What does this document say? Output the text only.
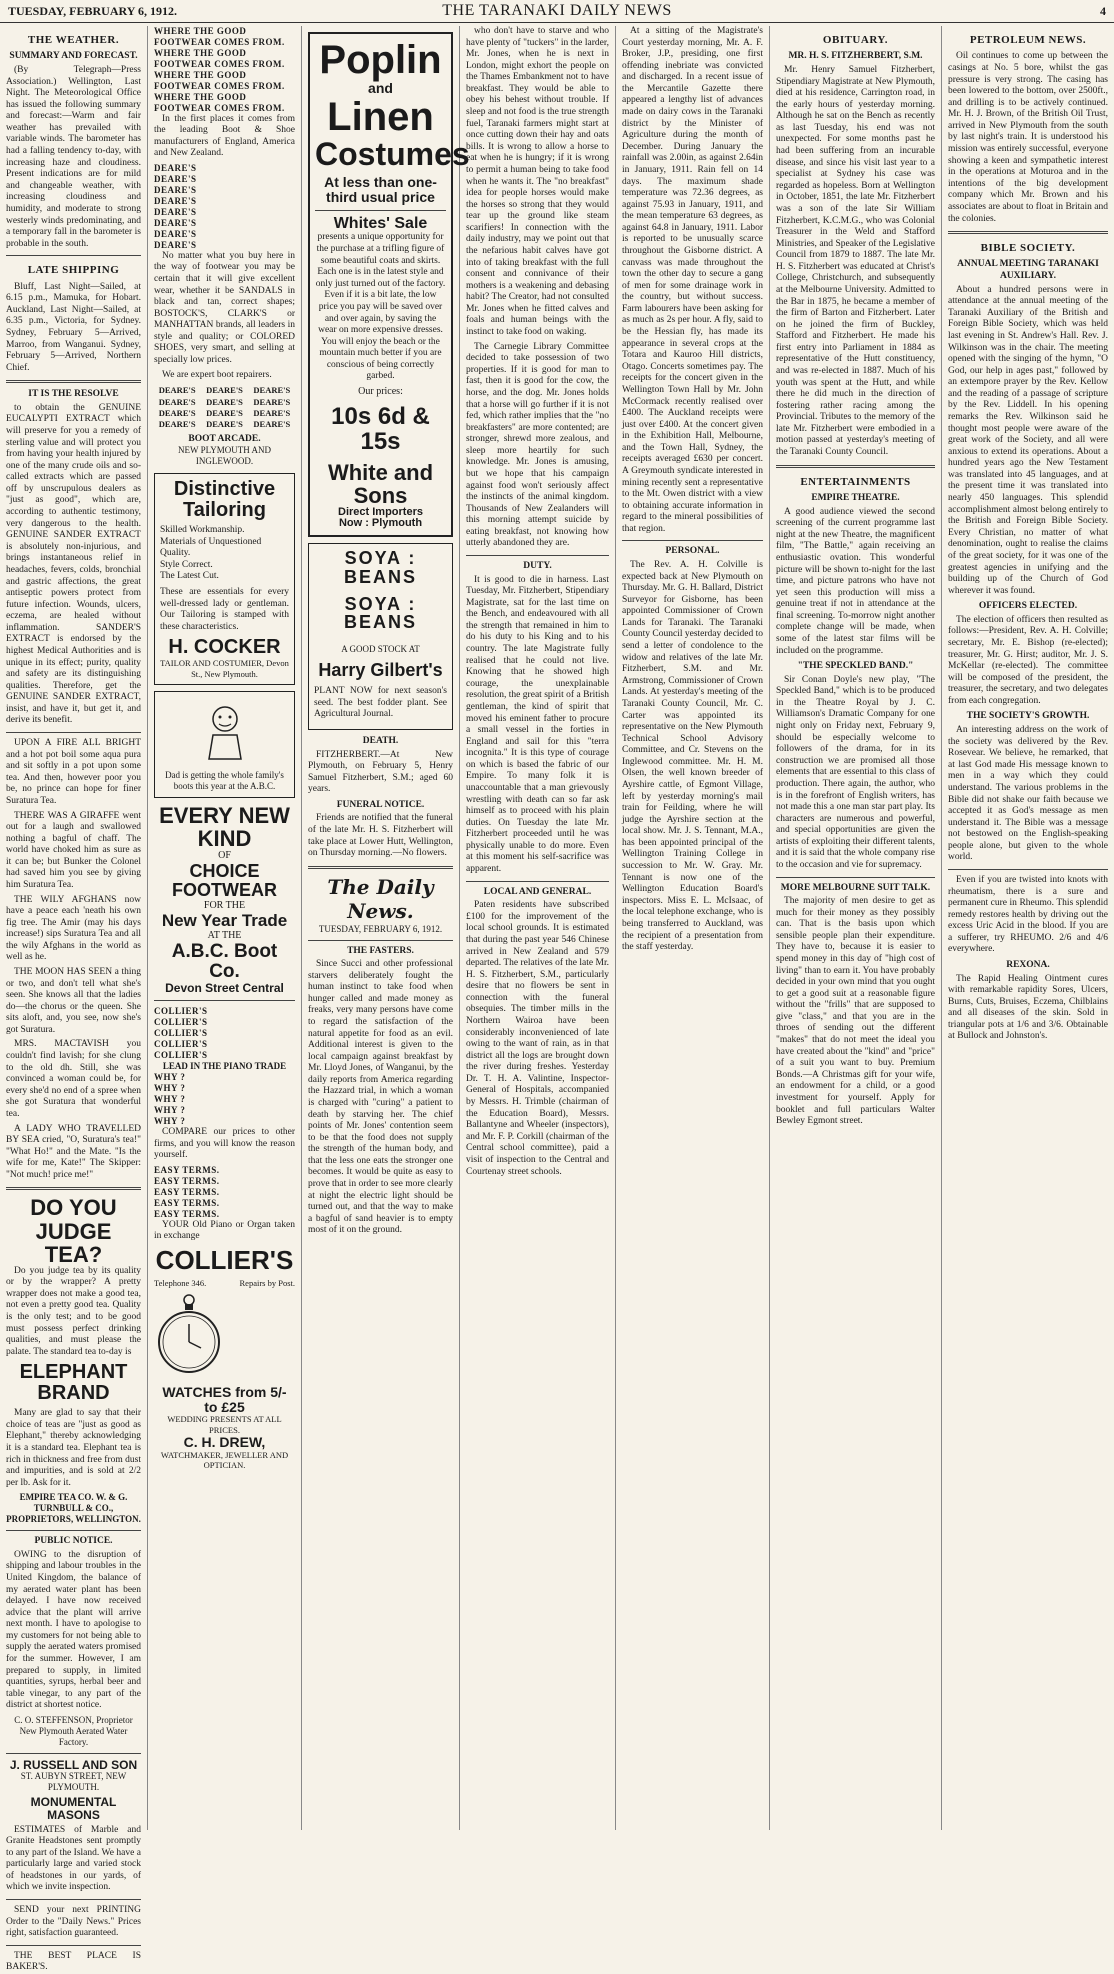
TUESDAY, FEBRUARY 6, 1912.	THE TARANAKI DAILY NEWS	4
THE WEATHER.
SUMMARY AND FORECAST.

(By Telegraph—Press Association.) Wellington, Last Night. The Meteorological Office has issued the following summary and forecast:—Warm and fair weather has prevailed with variable winds. The barometer has had a falling tendency to-day, with increasing haze and cloudiness. Present indications are for mild and changeable weather, with increasing cloudiness and humidity, and moderate to strong westerly winds predominating, and a temporary fall in the barometer is probable in the south.

LATE SHIPPING

Bluff, Last Night—Sailed, at 6.15 p.m., Mamuka, for Hobart. Auckland, Last Night—Sailed, at 6.35 p.m., Victoria, for Sydney. Sydney, February 5—Arrived, Marroo, from Wanganui. Sydney, February 5—Arrived, Northern Chief.

IT IS THE RESOLVE

to obtain the GENUINE EUCALYPTI EXTRACT which will preserve for you a remedy of sterling value and will protect you from having your health injured by one of the many crude oils and so-called extracts which are passed off by unscrupulous dealers as "just as good", which are, according to authentic testimony, very dangerous to the health. GENUINE SANDER EXTRACT is absolutely non-injurious, and brings instantaneous relief in headaches, fevers, colds, bronchial and gastric affections, the great antiseptic powers protect from future infection. Wounds, ulcers, eczema, are healed without inflammation. SANDER'S EXTRACT is endorsed by the highest Medical Authorities and is unique in its effect; purity, quality and safety are its distinguishing qualities. Therefore, get the GENUINE SANDER EXTRACT, insist, and have it, but get it, and derive its benefit.

UPON A FIRE ALL BRIGHT and a hot pot boil some aqua pura and sit softly in a pot upon some tea. And then, however poor you be, no prince can hope for finer Suratura Tea.

THERE WAS A GIRAFFE went out for a laugh and swallowed nothing a bagful of chaff. The world have choked him as sure as it can be; but Bunker the Colonel had saved him you see by giving him Suratura Tea.

THE WILY AFGHANS now have a peace each 'neath his own fig tree. The Amir (may his days increase!) sips Suratura Tea and all the wily Afghans in the world as well as he.

THE MOON HAS SEEN a thing or two, and don't tell what she's seen. She knows all that the ladies do—the chorus or the queen. She sits aloft, and, you see, now she's got Suratura.

MRS. MACTAVISH you couldn't find lavish; for she clung to the old dh. Still, she was convinced a woman could be, for every she'd no end of a spree when she got Suratura that wonderful tea.

A LADY WHO TRAVELLED BY SEA cried, "O, Suratura's tea!" "What Ho!" and the Mate. "Is the wife for me, Kate!" The Skipper: "Not much! price me!"

DO YOU JUDGE TEA?

Do you judge tea by its quality or by the wrapper? A pretty wrapper does not make a good tea, not even a pretty good tea. Quality is the only test; and to be good must possess perfect drinking qualities, and must please the palate. The standard tea to-day is

ELEPHANT BRAND

Many are glad to say that their choice of teas are "just as good as Elephant," thereby acknowledging it is a standard tea. Elephant tea is rich in thickness and free from dust and impurities, and is sold at 2/2 per lb. Ask for it.

EMPIRE TEA CO. W. & G. TURNBULL & CO., PROPRIETORS, WELLINGTON.
PUBLIC NOTICE.

OWING to the disruption of shipping and labour troubles in the United Kingdom, the balance of my aerated water plant has been delayed. I have now received advice that the plant will arrive next month. I have to apologise to my customers for not being able to supply the aerated waters promised for the summer. However, I am prepared to supply, in limited quantities, syrups, herbal beer and table vinegar, to any part of the district at shortest notice.

C. O. STEFFENSON, Proprietor New Plymouth Aerated Water Factory.
J. RUSSELL AND SON
ST. AUBYN STREET, NEW PLYMOUTH.
MONUMENTAL MASONS

ESTIMATES of Marble and Granite Headstones sent promptly to any part of the Island. We have a particularly large and varied stock of headstones in our yards, of which we invite inspection.

SEND your next PRINTING Order to the "Daily News." Prices right, satisfaction guaranteed.

THE BEST PLACE IS BAKER'S.

WHERE THE GOOD FOOTWEAR COMES FROM.
WHERE THE GOOD FOOTWEAR COMES FROM.
WHERE THE GOOD FOOTWEAR COMES FROM.
WHERE THE GOOD FOOTWEAR COMES FROM.

In the first places it comes from the leading Boot & Shoe manufacturers of England, America and New Zealand.

DEARE'S
DEARE'S
DEARE'S
DEARE'S
DEARE'S
DEARE'S
DEARE'S
DEARE'S

No matter what you buy here in the way of footwear you may be certain that it will give excellent wear, whether it be SANDALS in black and tan, correct shapes; BOSTOCK'S, CLARK'S or MANHATTAN brands, all leaders in style and quality; or COLORED SHOES, very smart, and selling at specially low prices.

We are expert boot repairers.

DEARE'S	DEARE'S	DEARE'S
DEARE'S	DEARE'S	DEARE'S
DEARE'S	DEARE'S	DEARE'S
DEARE'S	DEARE'S	DEARE'S
BOOT ARCADE.
NEW PLYMOUTH AND INGLEWOOD.
Distinctive Tailoring
Skilled Workmanship.
Materials of Unquestioned Quality.
Style Correct.
The Latest Cut.

These are essentials for every well-dressed lady or gentleman. Our Tailoring is stamped with these characteristics.

H. COCKER
TAILOR AND COSTUMIER, Devon St., New Plymouth.
Dad is getting the whole family's boots this year at the A.B.C.
EVERY NEW KIND
OF
CHOICE FOOTWEAR
FOR THE
New Year Trade
AT THE
A.B.C. Boot Co.
Devon Street Central
COLLIER'S
COLLIER'S
COLLIER'S
COLLIER'S
COLLIER'S
LEAD IN THE PIANO TRADE
WHY ?
WHY ?
WHY ?
WHY ?
WHY ?

COMPARE our prices to other firms, and you will know the reason yourself.

EASY TERMS.
EASY TERMS.
EASY TERMS.
EASY TERMS.
EASY TERMS.

YOUR Old Piano or Organ taken in exchange

COLLIER'S
Telephone 346.	Repairs by Post.
WATCHES from 5/- to £25
WEDDING PRESENTS AT ALL PRICES.
C. H. DREW,
WATCHMAKER, JEWELLER AND OPTICIAN.
Poplin
and
Linen
Costumes
At less than one-third usual price
Whites' Sale

presents a unique opportunity for the purchase at a trifling figure of some beautiful coats and skirts. Each one is in the latest style and only just turned out of the factory. Even if it is a bit late, the low price you pay will be saved over and over again, by saving the wear on more expensive dresses. You will enjoy the beach or the mountain much better if you are conscious of being correctly garbed.

Our prices:
10s 6d & 15s
White and Sons
Direct Importers
Now : Plymouth
SOYA : BEANS
SOYA : BEANS
A GOOD STOCK AT
Harry Gilbert's

PLANT NOW for next season's seed. The best fodder plant. See Agricultural Journal.

DEATH.

FITZHERBERT.—At New Plymouth, on February 5, Henry Samuel Fitzherbert, S.M.; aged 60 years.

FUNERAL NOTICE.

Friends are notified that the funeral of the late Mr. H. S. Fitzherbert will take place at Lower Hutt, Wellington, on Thursday morning.—No flowers.

The Daily News.
TUESDAY, FEBRUARY 6, 1912.
THE FASTERS.

Since Succi and other professional starvers deliberately fought the human instinct to take food when hunger called and made money as freaks, very many persons have come to regard the satisfaction of the natural appetite for food as an evil. Additional interest is given to the local campaign against breakfast by Mr. Lloyd Jones, of Wanganui, by the daily reports from America regarding the Hazzard trial, in which a woman is charged with "curing" a patient to death by starving her. The chief points of Mr. Jones' contention seem to be that the food does not supply the strength of the human body, and that the less one eats the stronger one becomes. It would be quite as easy to prove that in order to see more clearly at night the electric light should be turned out, and that the way to make a bagful of sand heavier is to empty most of it on the ground.

who don't have to starve and who have plenty of "tuckers" in the larder, Mr. Jones, when he is next in London, might exhort the people on the Thames Embankment not to have breakfast. They would be able to obey his behest without trouble. If sleep and not food is the true strength fuel, Taranaki farmers might start at once cutting down their hay and oats bills. It is wrong to allow a horse to eat when he is hungry; if it is wrong to permit a human being to take food when he wants it. The "no breakfast" idea for people horses would make the horses so strong that they would tear up the ground like steam scarifiers! In connection with the daily industry, may we point out that the nefarious habit calves have got into of taking breakfast with the full consent and connivance of their mothers is a weakening and debasing habit? The Creator, had not consulted Mr. Jones when he fitted calves and foals and human beings with the instinct to take food on waking.

The Carnegie Library Committee decided to take possession of two properties. If it is good for man to fast, then it is good for the cow, the horse, and the dog. Mr. Jones holds that a horse will go further if it is not fed, which rather implies that the "no breakfasters" are more contented; are stronger, shrewd more zealous, and sleep more heartily for such knowledge. Mr. Jones is amusing, but we hope that his campaign against food won't seriously affect the instincts of the animal kingdom. Thousands of New Zealanders will this morning attempt suicide by eating breakfast, not knowing how utterly abandoned they are.

DUTY.

It is good to die in harness. Last Tuesday, Mr. Fitzherbert, Stipendiary Magistrate, sat for the last time on the Bench, and endeavoured with all the strength that remained in him to do his duty to his King and to his country. The late Magistrate fully realised that he could not live. Knowing that he showed high courage, the unexplainable resolution, the great spirit of a British gentleman, the kind of spirit that moved his eminent father to procure a small vessel in the forties in England and sail for this "terra incognita." It is this type of courage on which is based the fabric of our Empire. To many folk it is unaccountable that a man grievously wrestling with death can so far ask himself as to proceed with his plain duties. On Tuesday the late Mr. Fitzherbert proceeded until he was physically unable to do more. Even at this moment his self-sacrifice was apparent.

LOCAL AND GENERAL.

Paten residents have subscribed £100 for the improvement of the local school grounds. It is estimated that during the past year 546 Chinese arrived in New Zealand and 579 departed. The relatives of the late Mr. H. S. Fitzherbert, S.M., particularly desire that no flowers be sent in connection with the funeral obsequies. The timber mills in the Northern Wairoa have been considerably inconvenienced of late owing to the want of rain, as in that district all the logs are brought down the river during freshes. Yesterday Dr. T. H. A. Valintine, Inspector-General of Hospitals, accompanied by Messrs. H. Trimble (chairman of the Education Board), Messrs. Ballantyne and Wheeler (inspectors), and Mr. F. P. Corkill (chairman of the Central school committee), paid a visit of inspection to the Central and Courtenay street schools.

At a sitting of the Magistrate's Court yesterday morning, Mr. A. F. Broker, J.P., presiding, one first offending inebriate was convicted and discharged. In a recent issue of the Mercantile Gazette there appeared a lengthy list of advances made on dairy cows in the Taranaki district by the Minister of Agriculture during the month of December. During January the rainfall was 2.00in, as against 2.64in in January, 1911. Rain fell on 14 days. The maximum shade temperature was 72.36 degrees, as against 75.93 in January, 1911, and the mean temperature 63 degrees, as against 64.8 in January, 1911. Labor is reported to be unusually scarce throughout the Gisborne district. A canvass was made throughout the town the other day to secure a gang of men for some drainage work in the country, but without success. Farm labourers have been asking for as much as 2s per hour. A fly, said to be the Hessian fly, has made its appearance in several crops at the Totara and Kauroo Hill districts, Otago. Concerts sometimes pay. The receipts for the concert given in the Wellington Town Hall by Mr. John McCormack recently realised over £400. The Auckland receipts were just over £400. At the concert given in the Exhibition Hall, Melbourne, and the Town Hall, Sydney, the receipts averaged £630 per concert. A Greymouth syndicate interested in mining recently sent a representative to the Mt. Owen district with a view to obtaining accurate information in regard to the mineral possibilities of that region.

PERSONAL.

The Rev. A. H. Colville is expected back at New Plymouth on Thursday. Mr. G. H. Ballard, District Surveyor for Gisborne, has been appointed Commissioner of Crown Lands for Taranaki. The Taranaki County Council yesterday decided to send a letter of condolence to the widow and relatives of the late Mr. Fitzherbert, S.M. and Mr. Armstrong, Commissioner of Crown Lands. At yesterday's meeting of the Taranaki County Council, Mr. C. Carter was appointed its representative on the New Plymouth Technical School Advisory Committee, and Cr. Stevens on the Inglewood committee. Mr. H. M. Olsen, the well known breeder of Ayrshire cattle, of Egmont Village, left by yesterday morning's mail train for Feilding, where he will judge the Ayrshire section at the local show. Mr. J. S. Tennant, M.A., has been appointed principal of the Wellington Training College in succession to Mr. W. Gray. Mr. Tennant is now one of the Wellington Education Board's inspectors. Miss E. L. McIsaac, of the local telephone exchange, who is being transferred to Auckland, was the recipient of a presentation from the staff yesterday.

OBITUARY.
MR. H. S. FITZHERBERT, S.M.

Mr. Henry Samuel Fitzherbert, Stipendiary Magistrate at New Plymouth, died at his residence, Carrington road, in the early hours of yesterday morning. Although he sat on the Bench as recently as last Tuesday, his end was not unexpected. For some months past he had been suffering from an incurable disease, and since his visit last year to a specialist at Sydney his case was regarded as hopeless. Born at Wellington in October, 1851, the late Mr. Fitzherbert was a son of the late Sir William Fitzherbert, K.C.M.G., who was Colonial Treasurer in the Weld and Stafford Ministries, and Speaker of the Legislative Council from 1879 to 1887. The late Mr. H. S. Fitzherbert was educated at Christ's College, Christchurch, and subsequently at the Melbourne University. Admitted to the Bar in 1875, he became a member of the firm of Barton and Fitzherbert. Later on he joined the firm of Buckley, Stafford and Fitzherbert. He made his first entry into Parliament in 1884 as representative of the Hutt constituency, and was re-elected in 1887. Much of his youth was spent at the Hutt, and while there he did much in the direction of fostering rather racing among the Provincial. Tributes to the memory of the late Mr. Fitzherbert were embodied in a motion passed at yesterday's meeting of the Taranaki County Council.

ENTERTAINMENTS
EMPIRE THEATRE.

A good audience viewed the second screening of the current programme last night at the new Theatre, the magnificent film, "The Battle," again receiving an enthusiastic ovation. This wonderful picture will be shown to-night for the last time, and picture patrons who have not yet seen this production will miss a genuine treat if not in attendance at the final screening. To-morrow night another complete change will be made, when some of the latest star films will be included on the programme.

"THE SPECKLED BAND."

Sir Conan Doyle's new play, "The Speckled Band," which is to be produced in the Theatre Royal by J. C. Williamson's Dramatic Company for one night only on Friday next, February 9, should be especially welcome to followers of the drama, for in its construction we are promised all those elements that are essential to this class of production. There again, the author, who is in the forefront of English writers, has not made this a one man star part play. Its characters are numerous and powerful, and special opportunities are given the artists of exploiting their different talents, and it is said that the whole company rise to the occasion and vie for supremacy.

MORE MELBOURNE SUIT TALK.

The majority of men desire to get as much for their money as they possibly can. That is the basis upon which sensible people plan their expenditure. They have to, because it is easier to spend money in this day of "high cost of living" than to earn it. You have probably decided in your own mind that you ought to get a good suit at a reasonable figure without the "frills" that are supposed to give "class," and that you are in the throes of sending out the different "makes" that do not meet the ideal you have created about the "kind" and "price" of a suit you want to buy. Premium Bonds.—A Christmas gift for your wife, an endowment for a child, or a good investment for yourself. Apply for booklet and full particulars Walter Bewley Egmont street.

PETROLEUM NEWS.

Oil continues to come up between the casings at No. 5 bore, whilst the gas pressure is very strong. The casing has been lowered to the bottom, over 2500ft., and drilling is to be actively continued. Mr. H. J. Brown, of the British Oil Trust, arrived in New Plymouth from the south by last night's train. It is understood his mission was entirely successful, everyone showing a keen and sympathetic interest in the operations at Moturoa and in the intentions of the big development company which Mr. Brown and his associates are about to float in Britain and the colonies.

BIBLE SOCIETY.
ANNUAL MEETING TARANAKI AUXILIARY.

About a hundred persons were in attendance at the annual meeting of the Taranaki Auxiliary of the British and Foreign Bible Society, which was held last evening in St. Andrew's Hall. Rev. J. Wilkinson was in the chair. The meeting opened with the singing of the hymn, "O God, our help in ages past," followed by an extempore prayer by the Rev. Kellow and the reading of a passage of scripture by the Rev. Liddell. In his opening remarks the Rev. Wilkinson said he thought most people were aware of the great work of the Society, and all were anxious to extend its operations. About a hundred years ago the New Testament was translated into 45 languages, and at the present time it was translated into nearly 450 languages. This splendid accomplishment almost belong entirely to the British and Foreign Bible Society. Every Christian, no matter of what denomination, ought to realise the claims of the great society, for it was one of the greatest agencies in unifying and the building up of the Church of God wherever it was found.

OFFICERS ELECTED.

The election of officers then resulted as follows:—President, Rev. A. H. Colville; secretary, Mr. E. Bishop (re-elected); treasurer, Mr. G. Hirst; auditor, Mr. J. S. McKellar (re-elected). The committee will be composed of the president, the treasurer, the secretary, and two delegates from each congregation.

THE SOCIETY'S GROWTH.

An interesting address on the work of the society was delivered by the Rev. Rosevear. We believe, he remarked, that at last God made His message known to men in a way which they could understand. The various problems in the Bible did not shake our faith because we accepted it as God's message as men understand it. The Bible was a message not bestowed on the English-speaking people alone, but given to the whole world.

Even if you are twisted into knots with rheumatism, there is a sure and permanent cure in Rheumo. This splendid remedy restores health by driving out the excess Uric Acid in the blood. If you are a sufferer, try RHEUMO. 2/6 and 4/6 everywhere.

REXONA.

The Rapid Healing Ointment cures with remarkable rapidity Sores, Ulcers, Burns, Cuts, Bruises, Eczema, Chilblains and all diseases of the skin. Sold in triangular pots at 1/6 and 3/6. Obtainable at Bullock and Johnston's.
